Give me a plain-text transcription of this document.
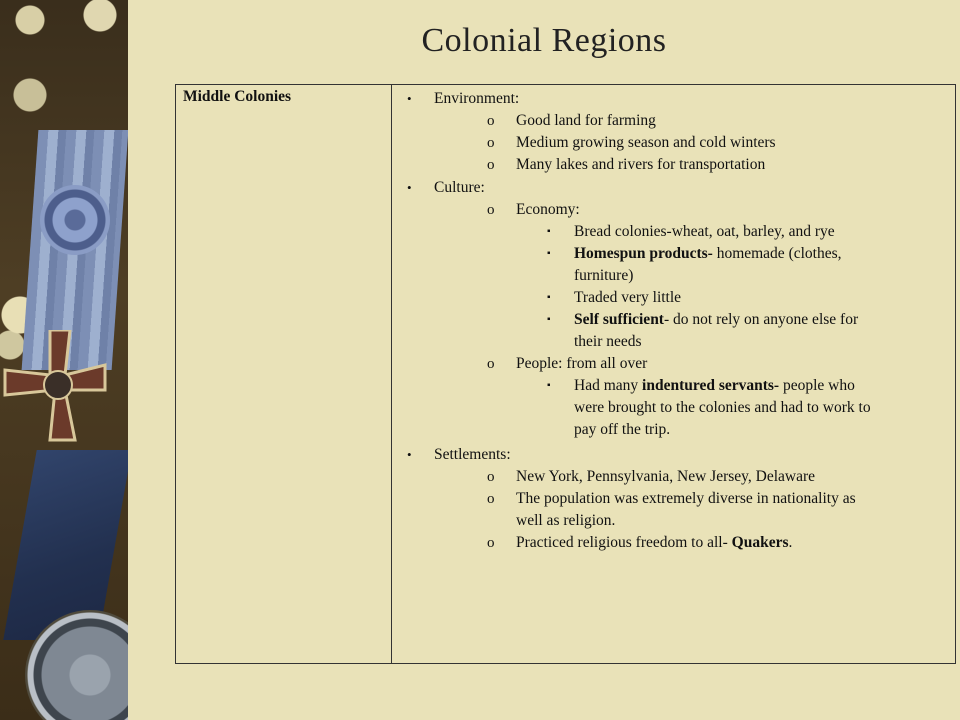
Colonial Regions
Middle Colonies	• Environment:
o Good land for farming
o Medium growing season and cold winters
o Many lakes and rivers for transportation
• Culture:
o Economy:
▪ Bread colonies-wheat, oat, barley, and rye
▪ Homespun products- homemade (clothes,
furniture)
▪ Traded very little
▪ Self sufficient- do not rely on anyone else for
their needs
o People: from all over
▪ Had many indentured servants- people who
were brought to the colonies and had to work to
pay off the trip.
• Settlements:
o New York, Pennsylvania, New Jersey, Delaware
o The population was extremely diverse in nationality as
well as religion.
o Practiced religious freedom to all- Quakers.
